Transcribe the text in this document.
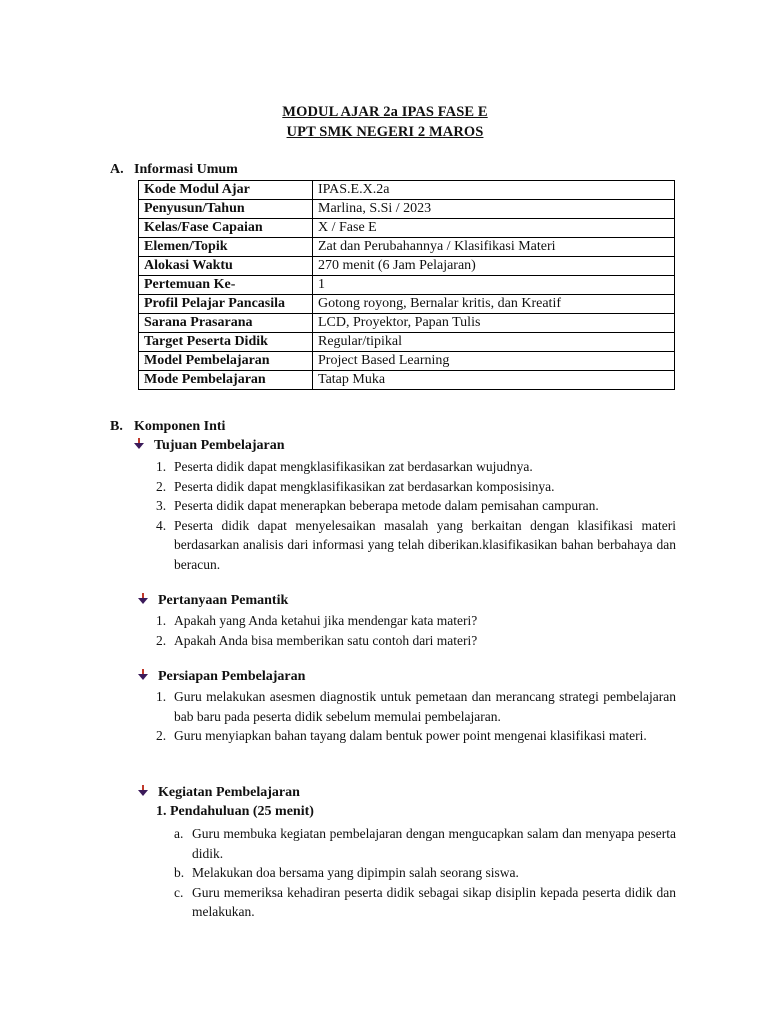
MODUL AJAR 2a IPAS FASE E
UPT SMK NEGERI 2 MAROS
A. Informasi Umum
Kode Modul Ajar	IPAS.E.X.2a
Penyusun/Tahun	Marlina, S.Si / 2023
Kelas/Fase Capaian	X / Fase E
Elemen/Topik	Zat dan Perubahannya / Klasifikasi Materi
Alokasi Waktu	270 menit (6 Jam Pelajaran)
Pertemuan Ke-	1
Profil Pelajar Pancasila	Gotong royong, Bernalar kritis, dan Kreatif
Sarana Prasarana	LCD, Proyektor, Papan Tulis
Target Peserta Didik	Regular/tipikal
Model Pembelajaran	Project Based Learning
Mode Pembelajaran	Tatap Muka
B. Komponen Inti
Tujuan Pembelajaran
1. Peserta didik dapat mengklasifikasikan zat berdasarkan wujudnya.
2. Peserta didik dapat mengklasifikasikan zat berdasarkan komposisinya.
3. Peserta didik dapat menerapkan beberapa metode dalam pemisahan campuran.
4. Peserta didik dapat menyelesaikan masalah yang berkaitan dengan klasifikasi materi berdasarkan analisis dari informasi yang telah diberikan.klasifikasikan bahan berbahaya dan beracun.
Pertanyaan Pemantik
1. Apakah yang Anda ketahui jika mendengar kata materi?
2. Apakah Anda bisa memberikan satu contoh dari materi?
Persiapan Pembelajaran
1. Guru melakukan asesmen diagnostik untuk pemetaan dan merancang strategi pembelajaran bab baru pada peserta didik sebelum memulai pembelajaran.
2. Guru menyiapkan bahan tayang dalam bentuk power point mengenai klasifikasi materi.
Kegiatan Pembelajaran
1. Pendahuluan (25 menit)
a. Guru membuka kegiatan pembelajaran dengan mengucapkan salam dan menyapa peserta didik.
b. Melakukan doa bersama yang dipimpin salah seorang siswa.
c. Guru memeriksa kehadiran peserta didik sebagai sikap disiplin kepada peserta didik dan melakukan.
